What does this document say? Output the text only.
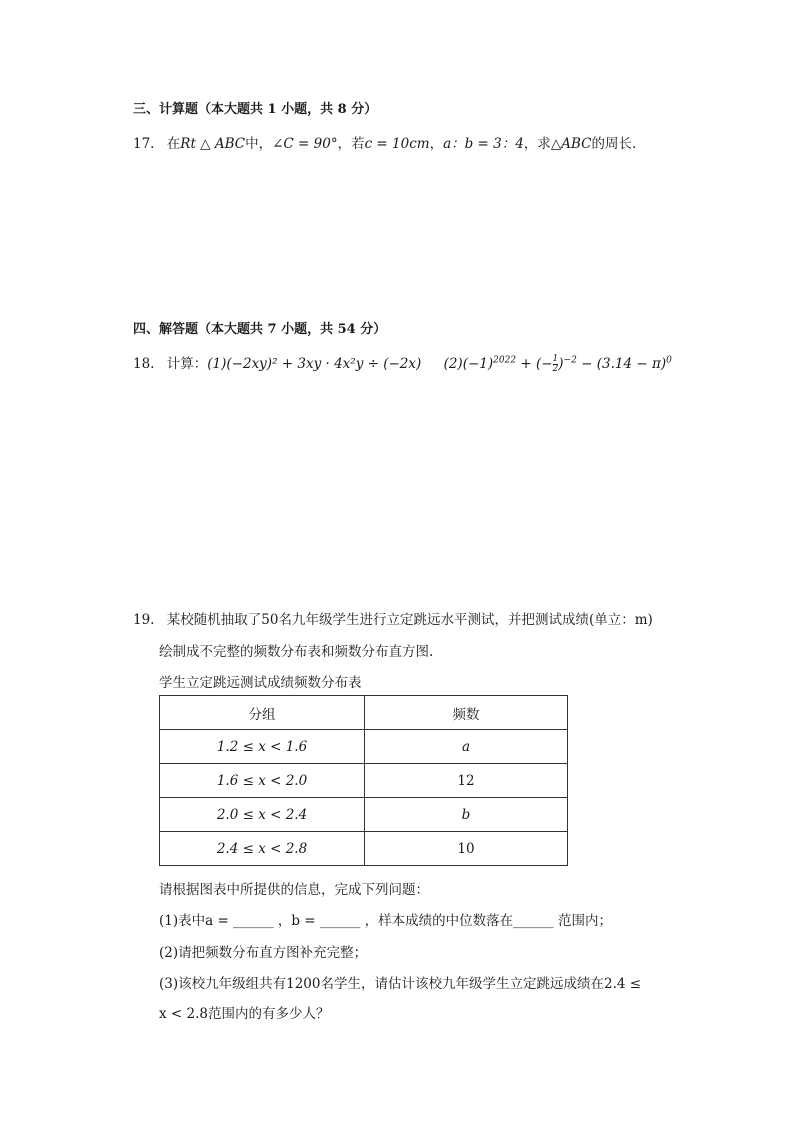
三、计算题（本大题共 1 小题，共 8 分）
17. 在Rt △ ABC中，∠C = 90°，若c = 10cm，a：b = 3：4，求△ABC的周长.
四、解答题（本大题共 7 小题，共 54 分）
18. 计算：(1)(−2xy)² + 3xy · 4x²y ÷ (−2x) $(2)(-1)^{2022}$ + (− $\frac{1}{2} )^{-2} - (3.14 - \pi)^0$
19. 某校随机抽取了50名九年级学生进行立定跳远水平测试，并把测试成绩(单立：m)
绘制成不完整的频数分布表和频数分布直方图.
学生立定跳远测试成绩频数分布表
分组	频数
1.2 ≤ x < 1.6	a
1.6 ≤ x < 2.0	12
2.0 ≤ x < 2.4	b
2.4 ≤ x < 2.8	10
请根据图表中所提供的信息，完成下列问题：
(1)表中a = ______ ，b = ______ ，样本成绩的中位数落在______ 范围内；
(2)请把频数分布直方图补充完整；
(3)该校九年级组共有1200名学生，请估计该校九年级学生立定跳远成绩在2.4 ≤
x < 2.8范围内的有多少人？
